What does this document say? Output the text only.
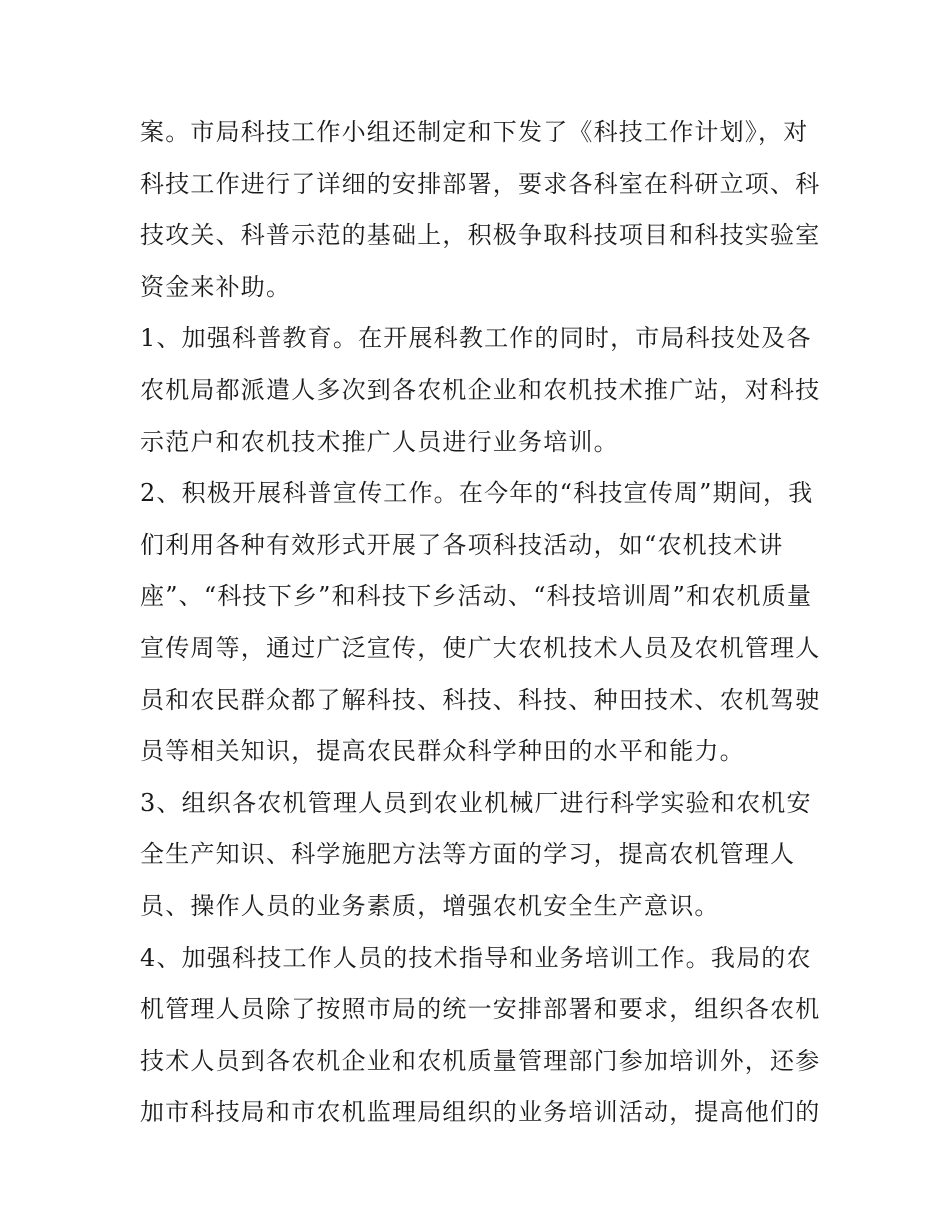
案。市局科技工作小组还制定和下发了《科技工作计划》，对
科技工作进行了详细的安排部署，要求各科室在科研立项、科
技攻关、科普示范的基础上，积极争取科技项目和科技实验室
资金来补助。
1、加强科普教育。在开展科教工作的同时，市局科技处及各
农机局都派遣人多次到各农机企业和农机技术推广站，对科技
示范户和农机技术推广人员进行业务培训。
2、积极开展科普宣传工作。在今年的“科技宣传周”期间，我
们利用各种有效形式开展了各项科技活动，如“农机技术讲
座”、“科技下乡”和科技下乡活动、“科技培训周”和农机质量
宣传周等，通过广泛宣传，使广大农机技术人员及农机管理人
员和农民群众都了解科技、科技、科技、种田技术、农机驾驶
员等相关知识，提高农民群众科学种田的水平和能力。
3、组织各农机管理人员到农业机械厂进行科学实验和农机安
全生产知识、科学施肥方法等方面的学习，提高农机管理人
员、操作人员的业务素质，增强农机安全生产意识。
4、加强科技工作人员的技术指导和业务培训工作。我局的农
机管理人员除了按照市局的统一安排部署和要求，组织各农机
技术人员到各农机企业和农机质量管理部门参加培训外，还参
加市科技局和市农机监理局组织的业务培训活动，提高他们的
